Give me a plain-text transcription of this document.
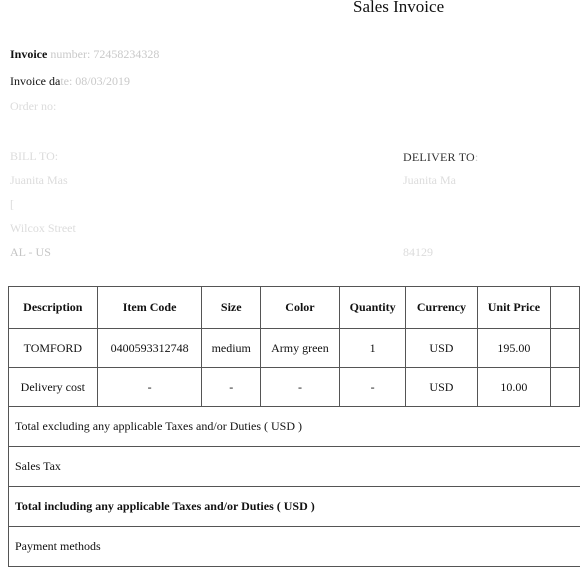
Sales Invoice
Invoice number: 72458234328
Invoice date: 08/03/2019
Order no:
BILL TO:
Juanita Mas
[
Wilcox Street
AL - US
DELIVER TO:
Juanita Ma
84129
Description	Item Code	Size	Color	Quantity	Currency	Unit Price	
TOMFORD	0400593312748	medium	Army green	1	USD	195.00	
Delivery cost	-	-	-	-	USD	10.00	
Total excluding any applicable Taxes and/or Duties ( USD )
Sales Tax
Total including any applicable Taxes and/or Duties ( USD )
Payment methods
